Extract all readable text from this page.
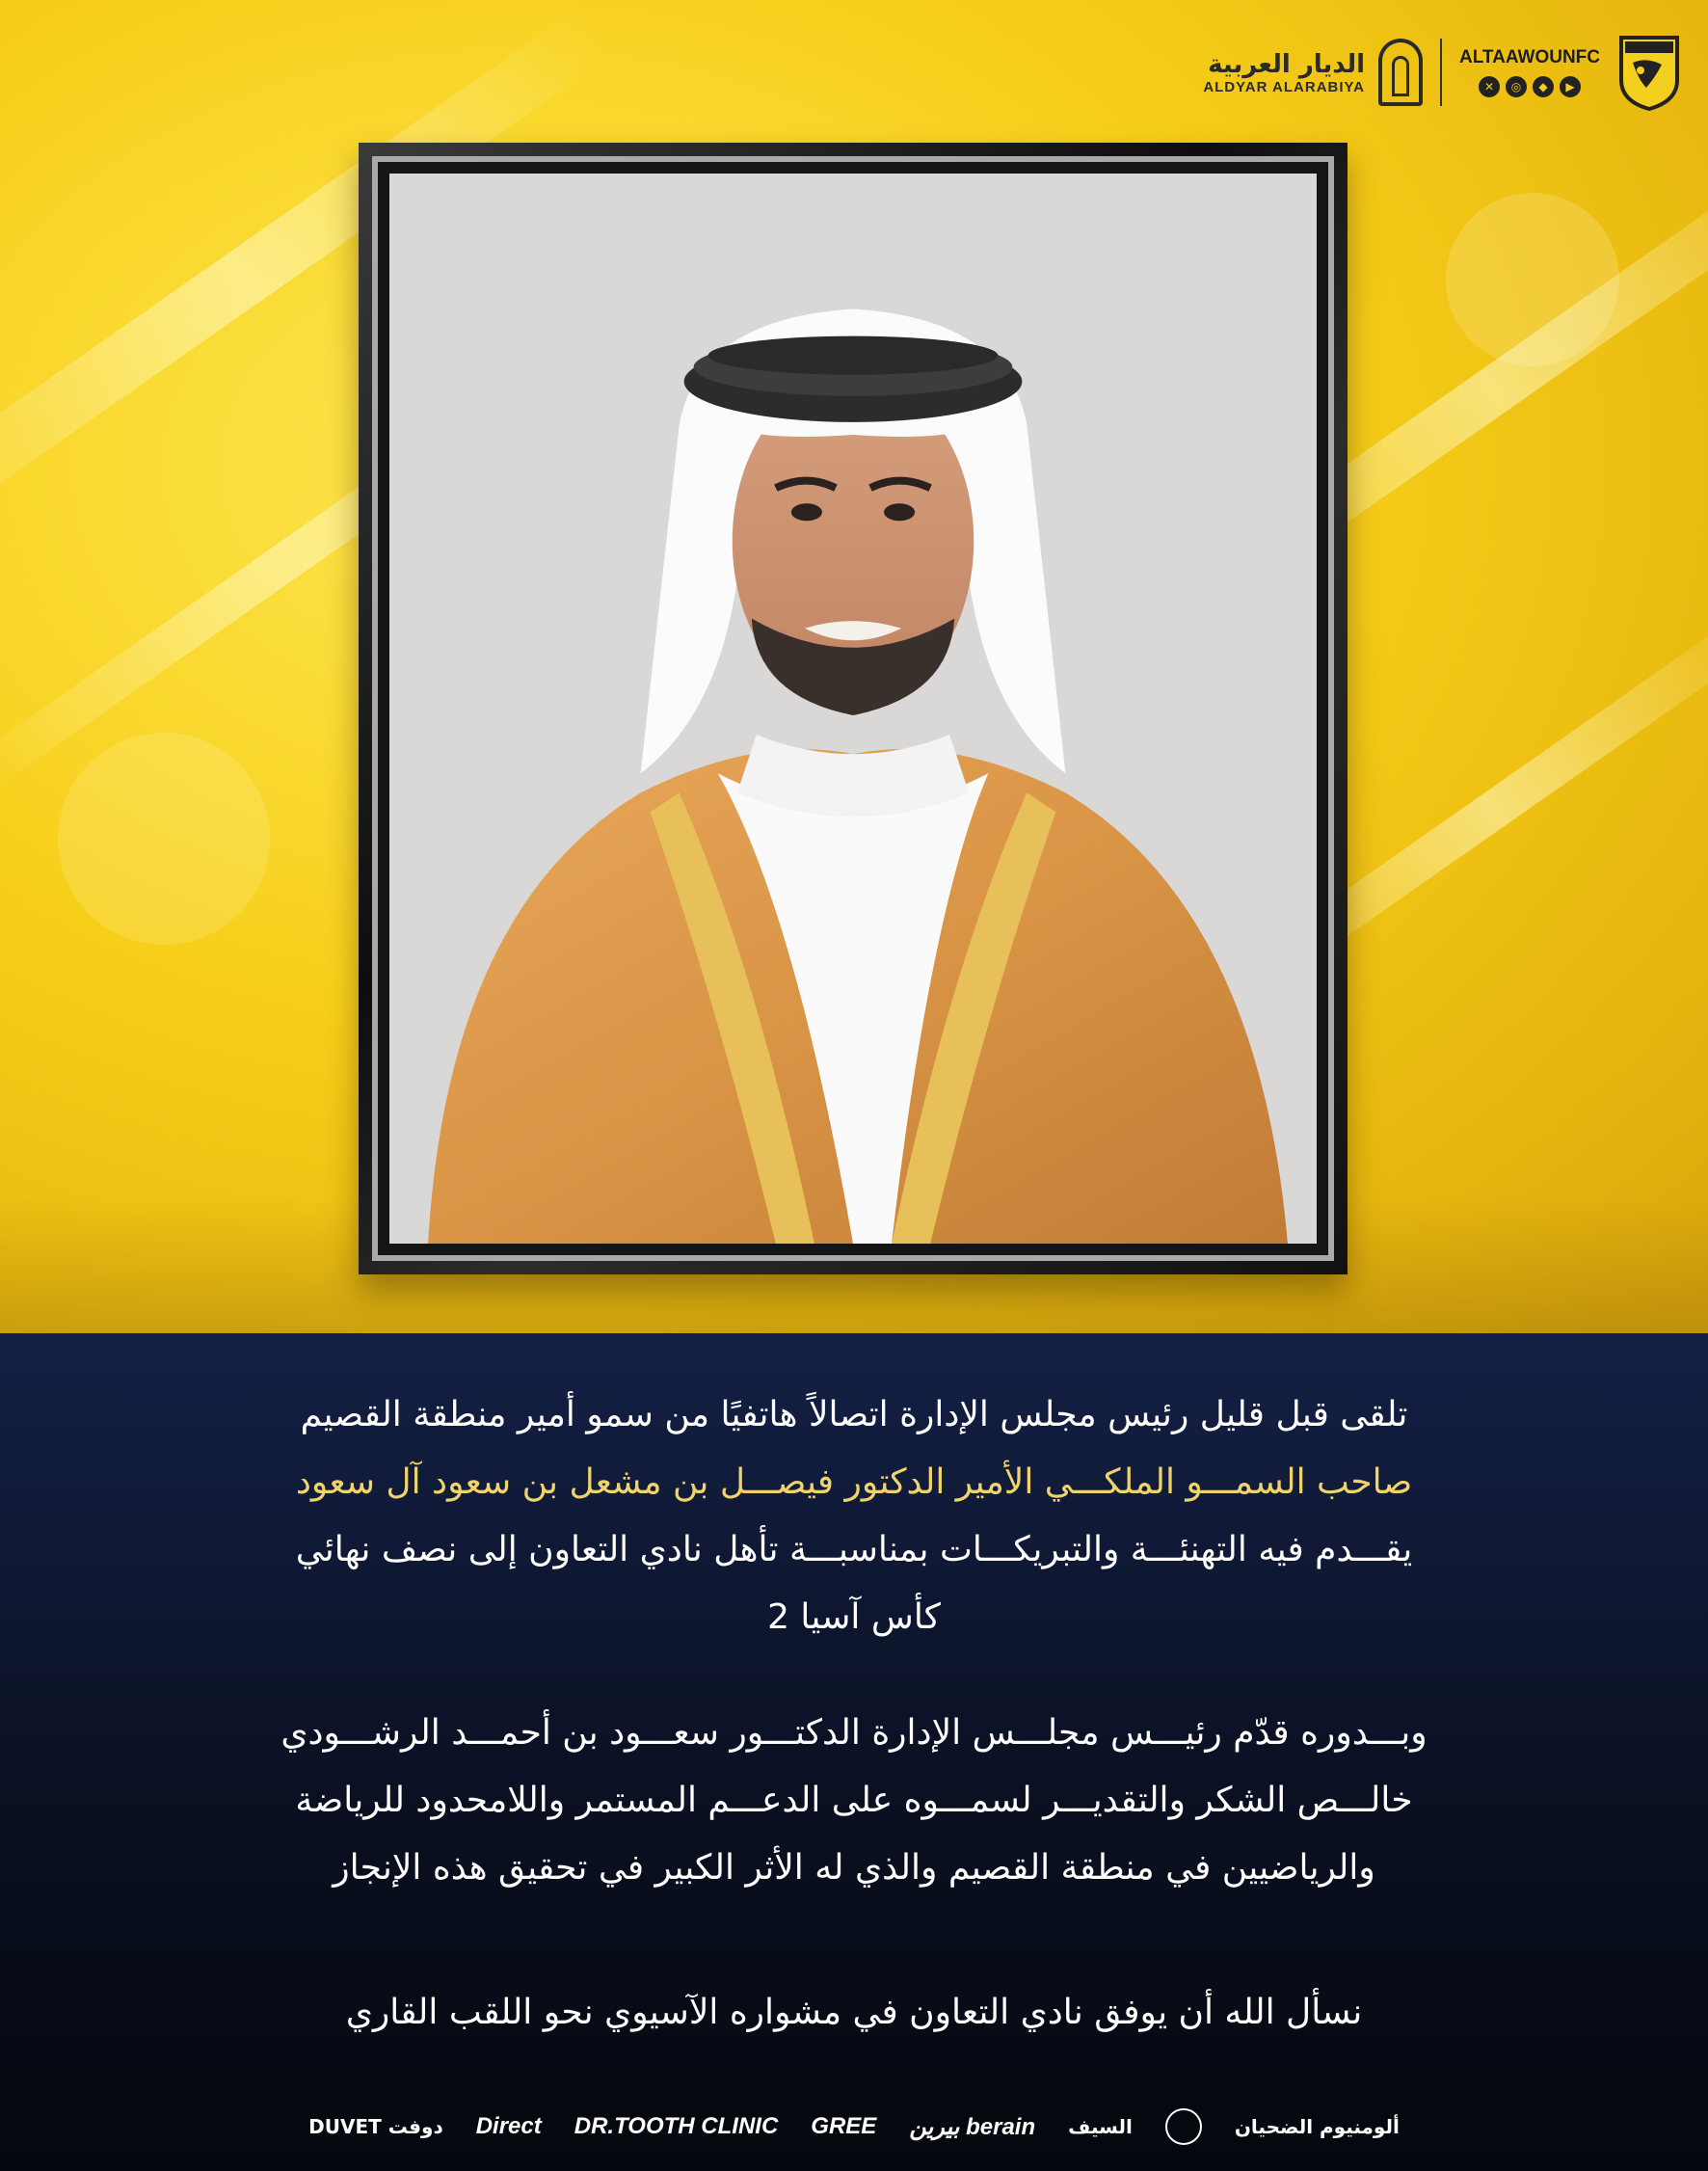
الديار العربية
ALDYAR ALARABIYA
ALTAAWOUNFC
✕	◎	◆	▶
تلقى قبل قليل رئيس مجلس الإدارة اتصالاً هاتفيًا من سمو أمير منطقة القصيم
صاحب السمـــو الملكـــي الأمير الدكتور فيصـــل بن مشعل بن سعود آل سعود
يقـــدم فيه التهنئـــة والتبريكـــات بمناسبـــة تأهل نادي التعاون إلى نصف نهائي
كأس آسيا 2
وبـــدوره قدّم رئيـــس مجلـــس الإدارة الدكتـــور سعـــود بن أحمـــد الرشـــودي
خالـــص الشكر والتقديـــر لسمـــوه على الدعـــم المستمر واللامحدود للرياضة
والرياضيين في منطقة القصيم والذي له الأثر الكبير في تحقيق هذه الإنجاز
نسأل الله أن يوفق نادي التعاون في مشواره الآسيوي نحو اللقب القاري
ألومنيوم الضحيان
السيف
berain بيرين
GREE
DR.TOOTH CLINIC
Direct
دوفت DUVET
